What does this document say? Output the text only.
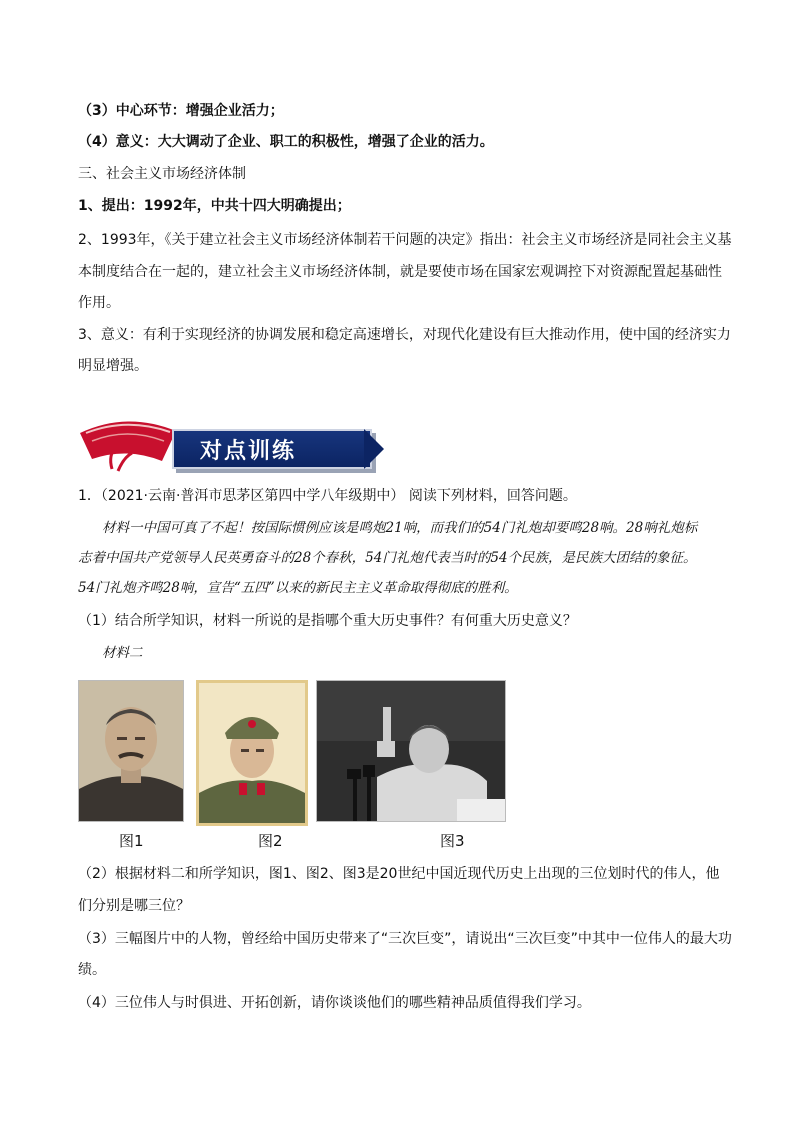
（3）中心环节：增强企业活力；
（4）意义：大大调动了企业、职工的积极性，增强了企业的活力。
三、社会主义市场经济体制
1、提出：1992年，中共十四大明确提出；
2、1993年，《关于建立社会主义市场经济体制若干问题的决定》指出：社会主义市场经济是同社会主义基
本制度结合在一起的，建立社会主义市场经济体制，就是要使市场在国家宏观调控下对资源配置起基础性
作用。
3、意义：有利于实现经济的协调发展和稳定高速增长，对现代化建设有巨大推动作用，使中国的经济实力
明显增强。
对点训练
1．（2021·云南·普洱市思茅区第四中学八年级期中） 阅读下列材料，回答问题。
材料一中国可真了不起！按国际惯例应该是鸣炮21响，而我们的54门礼炮却要鸣28响。28响礼炮标
志着中国共产党领导人民英勇奋斗的28个春秋，54门礼炮代表当时的54个民族，是民族大团结的象征。
54门礼炮齐鸣28响，宣告“五四”以来的新民主主义革命取得彻底的胜利。
（1）结合所学知识，材料一所说的是指哪个重大历史事件？有何重大历史意义？
材料二
图1	图2	图3
（2）根据材料二和所学知识，图1、图2、图3是20世纪中国近现代历史上出现的三位划时代的伟人，他
们分别是哪三位？
（3）三幅图片中的人物，曾经给中国历史带来了“三次巨变”，请说出“三次巨变”中其中一位伟人的最大功
绩。
（4）三位伟人与时俱进、开拓创新，请你谈谈他们的哪些精神品质值得我们学习。
